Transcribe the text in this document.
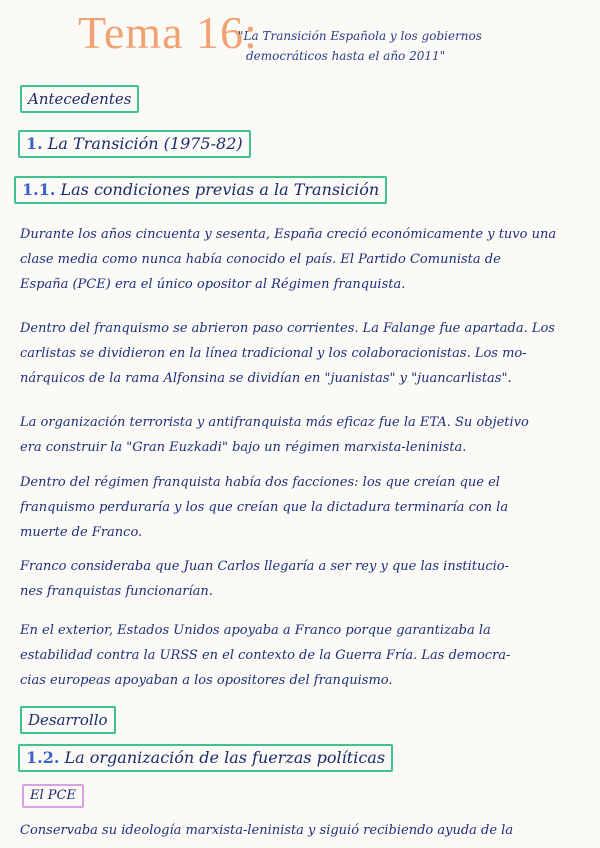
Tema 16:
"La Transición Española y los gobiernos
democráticos hasta el año 2011"
Antecedentes
1. La Transición (1975-82)
1.1. Las condiciones previas a la Transición
Durante los años cincuenta y sesenta, España creció económicamente y tuvo una
clase media como nunca había conocido el país. El Partido Comunista de
España (PCE) era el único opositor al Régimen franquista.
Dentro del franquismo se abrieron paso corrientes. La Falange fue apartada. Los
carlistas se dividieron en la línea tradicional y los colaboracionistas. Los mo-
nárquicos de la rama Alfonsina se dividían en "juanistas" y "juancarlistas".
La organización terrorista y antifranquista más eficaz fue la ETA. Su objetivo
era construir la "Gran Euzkadi" bajo un régimen marxista-leninista.
Dentro del régimen franquista había dos facciones: los que creían que el
franquismo perduraría y los que creían que la dictadura terminaría con la
muerte de Franco.
Franco consideraba que Juan Carlos llegaría a ser rey y que las institucio-
nes franquistas funcionarían.
En el exterior, Estados Unidos apoyaba a Franco porque garantizaba la
estabilidad contra la URSS en el contexto de la Guerra Fría. Las democra-
cias europeas apoyaban a los opositores del franquismo.
Desarrollo
1.2. La organización de las fuerzas políticas
El PCE
Conservaba su ideología marxista-leninista y siguió recibiendo ayuda de la
